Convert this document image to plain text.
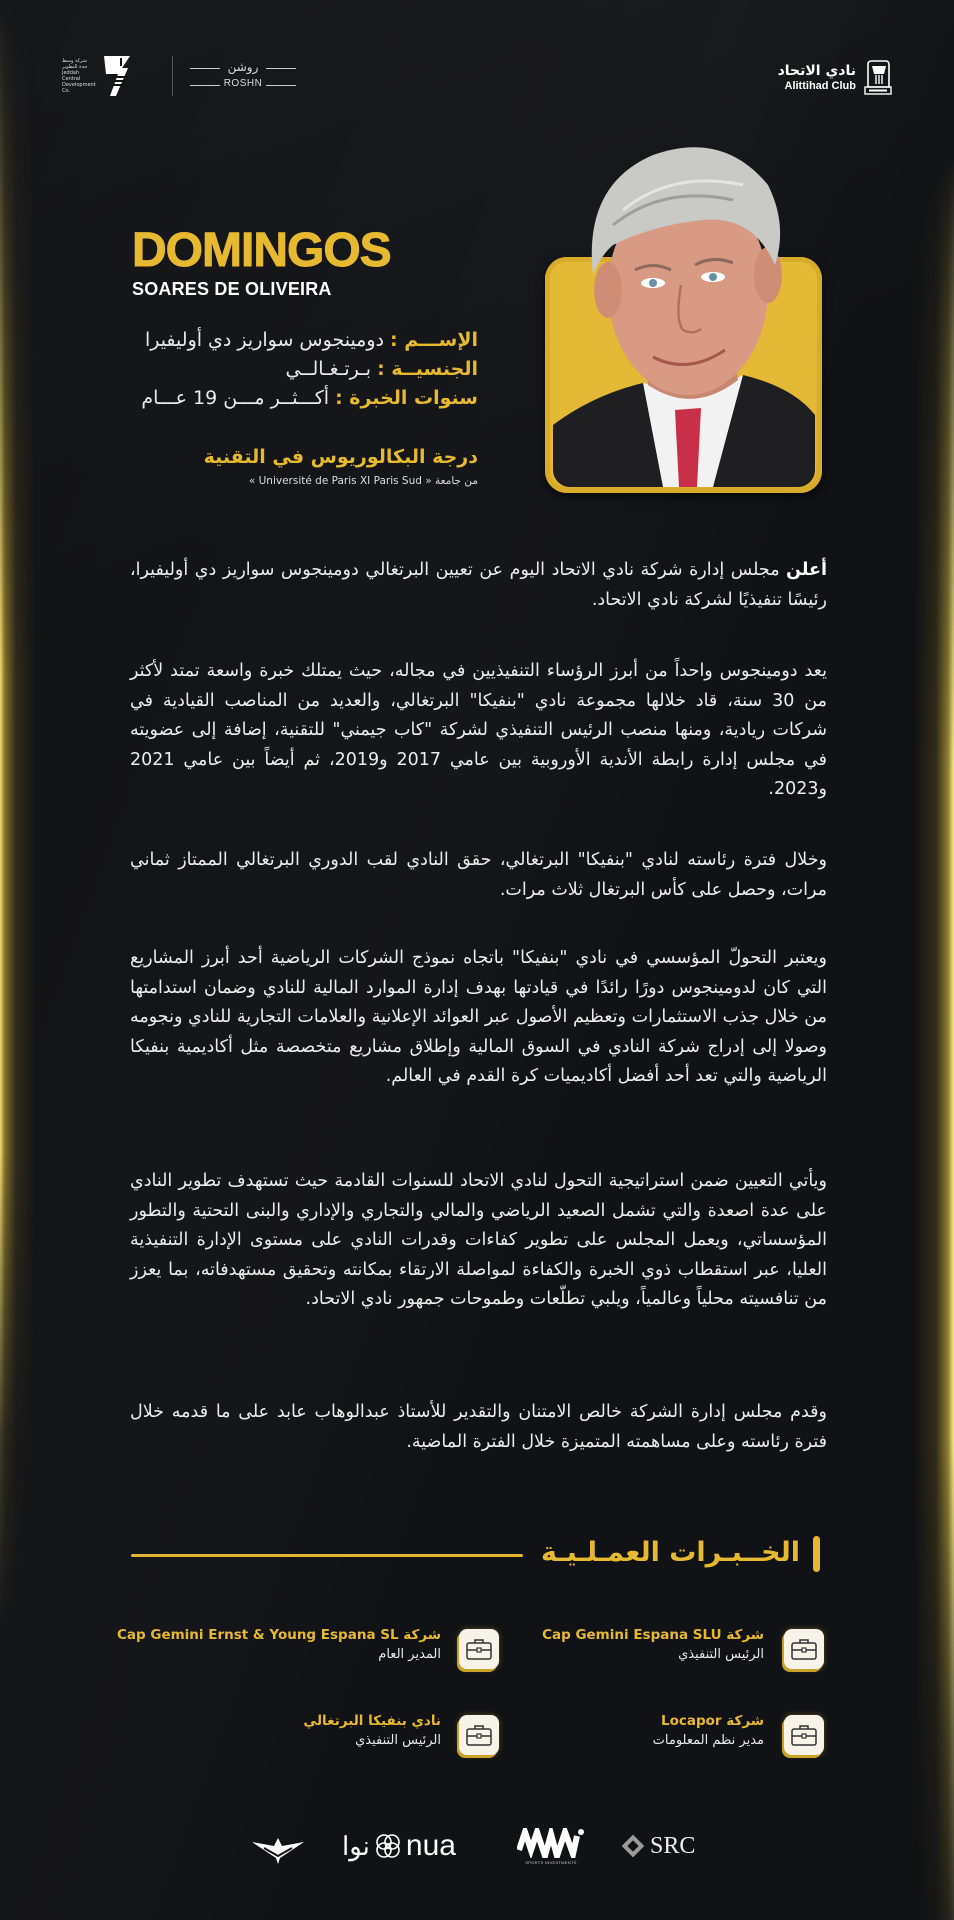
شركة وسط جدة للتطوير
Jeddah Central Development Co.
روشن
ROSHN
نادي الاتحاد
Alittihad Club
DOMINGOS
SOARES DE OLIVEIRA
الإســـم : دومينجوس سواريز دي أوليفيرا
الجنسيــة : بـرتـغـالــي
سنوات الخبرة : أكـــثــر مـــن 19 عـــام
درجة البكالوريوس في التقنية
من جامعة « Université de Paris XI Paris Sud »

أعلن مجلس إدارة شركة نادي الاتحاد اليوم عن تعيين البرتغالي دومينجوس سواريز دي أوليفيرا، رئيسًا تنفيذيًا لشركة نادي الاتحاد.

يعد دومينجوس واحداً من أبرز الرؤساء التنفيذيين في مجاله، حيث يمتلك خبرة واسعة تمتد لأكثر من 30 سنة، قاد خلالها مجموعة نادي "بنفيكا" البرتغالي، والعديد من المناصب القيادية في شركات ريادية، ومنها منصب الرئيس التنفيذي لشركة "كاب جيمني" للتقنية، إضافة إلى عضويته في مجلس إدارة رابطة الأندية الأوروبية بين عامي 2017 و2019، ثم أيضاً بين عامي 2021 و2023.

وخلال فترة رئاسته لنادي "بنفيكا" البرتغالي، حقق النادي لقب الدوري البرتغالي الممتاز ثماني مرات، وحصل على كأس البرتغال ثلاث مرات.

ويعتبر التحولّ المؤسسي في نادي "بنفيكا" باتجاه نموذج الشركات الرياضية أحد أبرز المشاريع التي كان لدومينجوس دورًا رائدًا في قيادتها بهدف إدارة الموارد المالية للنادي وضمان استدامتها من خلال جذب الاستثمارات وتعظيم الأصول عبر العوائد الإعلانية والعلامات التجارية للنادي ونجومه وصولا إلى إدراج شركة النادي في السوق المالية وإطلاق مشاريع متخصصة مثل أكاديمية بنفيكا الرياضية والتي تعد أحد أفضل أكاديميات كرة القدم في العالم.

ويأتي التعيين ضمن استراتيجية التحول لنادي الاتحاد للسنوات القادمة حيث تستهدف تطوير النادي على عدة اصعدة والتي تشمل الصعيد الرياضي والمالي والتجاري والإداري والبنى التحتية والتطور المؤسساتي، ويعمل المجلس على تطوير كفاءات وقدرات النادي على مستوى الإدارة التنفيذية العليا، عبر استقطاب ذوي الخبرة والكفاءة لمواصلة الارتقاء بمكانته وتحقيق مستهدفاته، بما يعزز من تنافسيته محلياً وعالمياً، ويلبي تطلّعات وطموحات جمهور نادي الاتحاد.

وقدم مجلس إدارة الشركة خالص الامتنان والتقدير للأستاذ عبدالوهاب عابد على ما قدمه خلال فترة رئاسته وعلى مساهمته المتميزة خلال الفترة الماضية.

الخــبـرات العمـلـيـة
شركة Cap Gemini Espana SLU
الرئيس التنفيذي
شركة Cap Gemini Ernst & Young Espana SL
المدير العام
شركة Locapor
مدير نظم المعلومات
نادي بنفيكا البرتغالي
الرئيس التنفيذي
نوا nua
SPORTS INVESTMENTS
SRC
